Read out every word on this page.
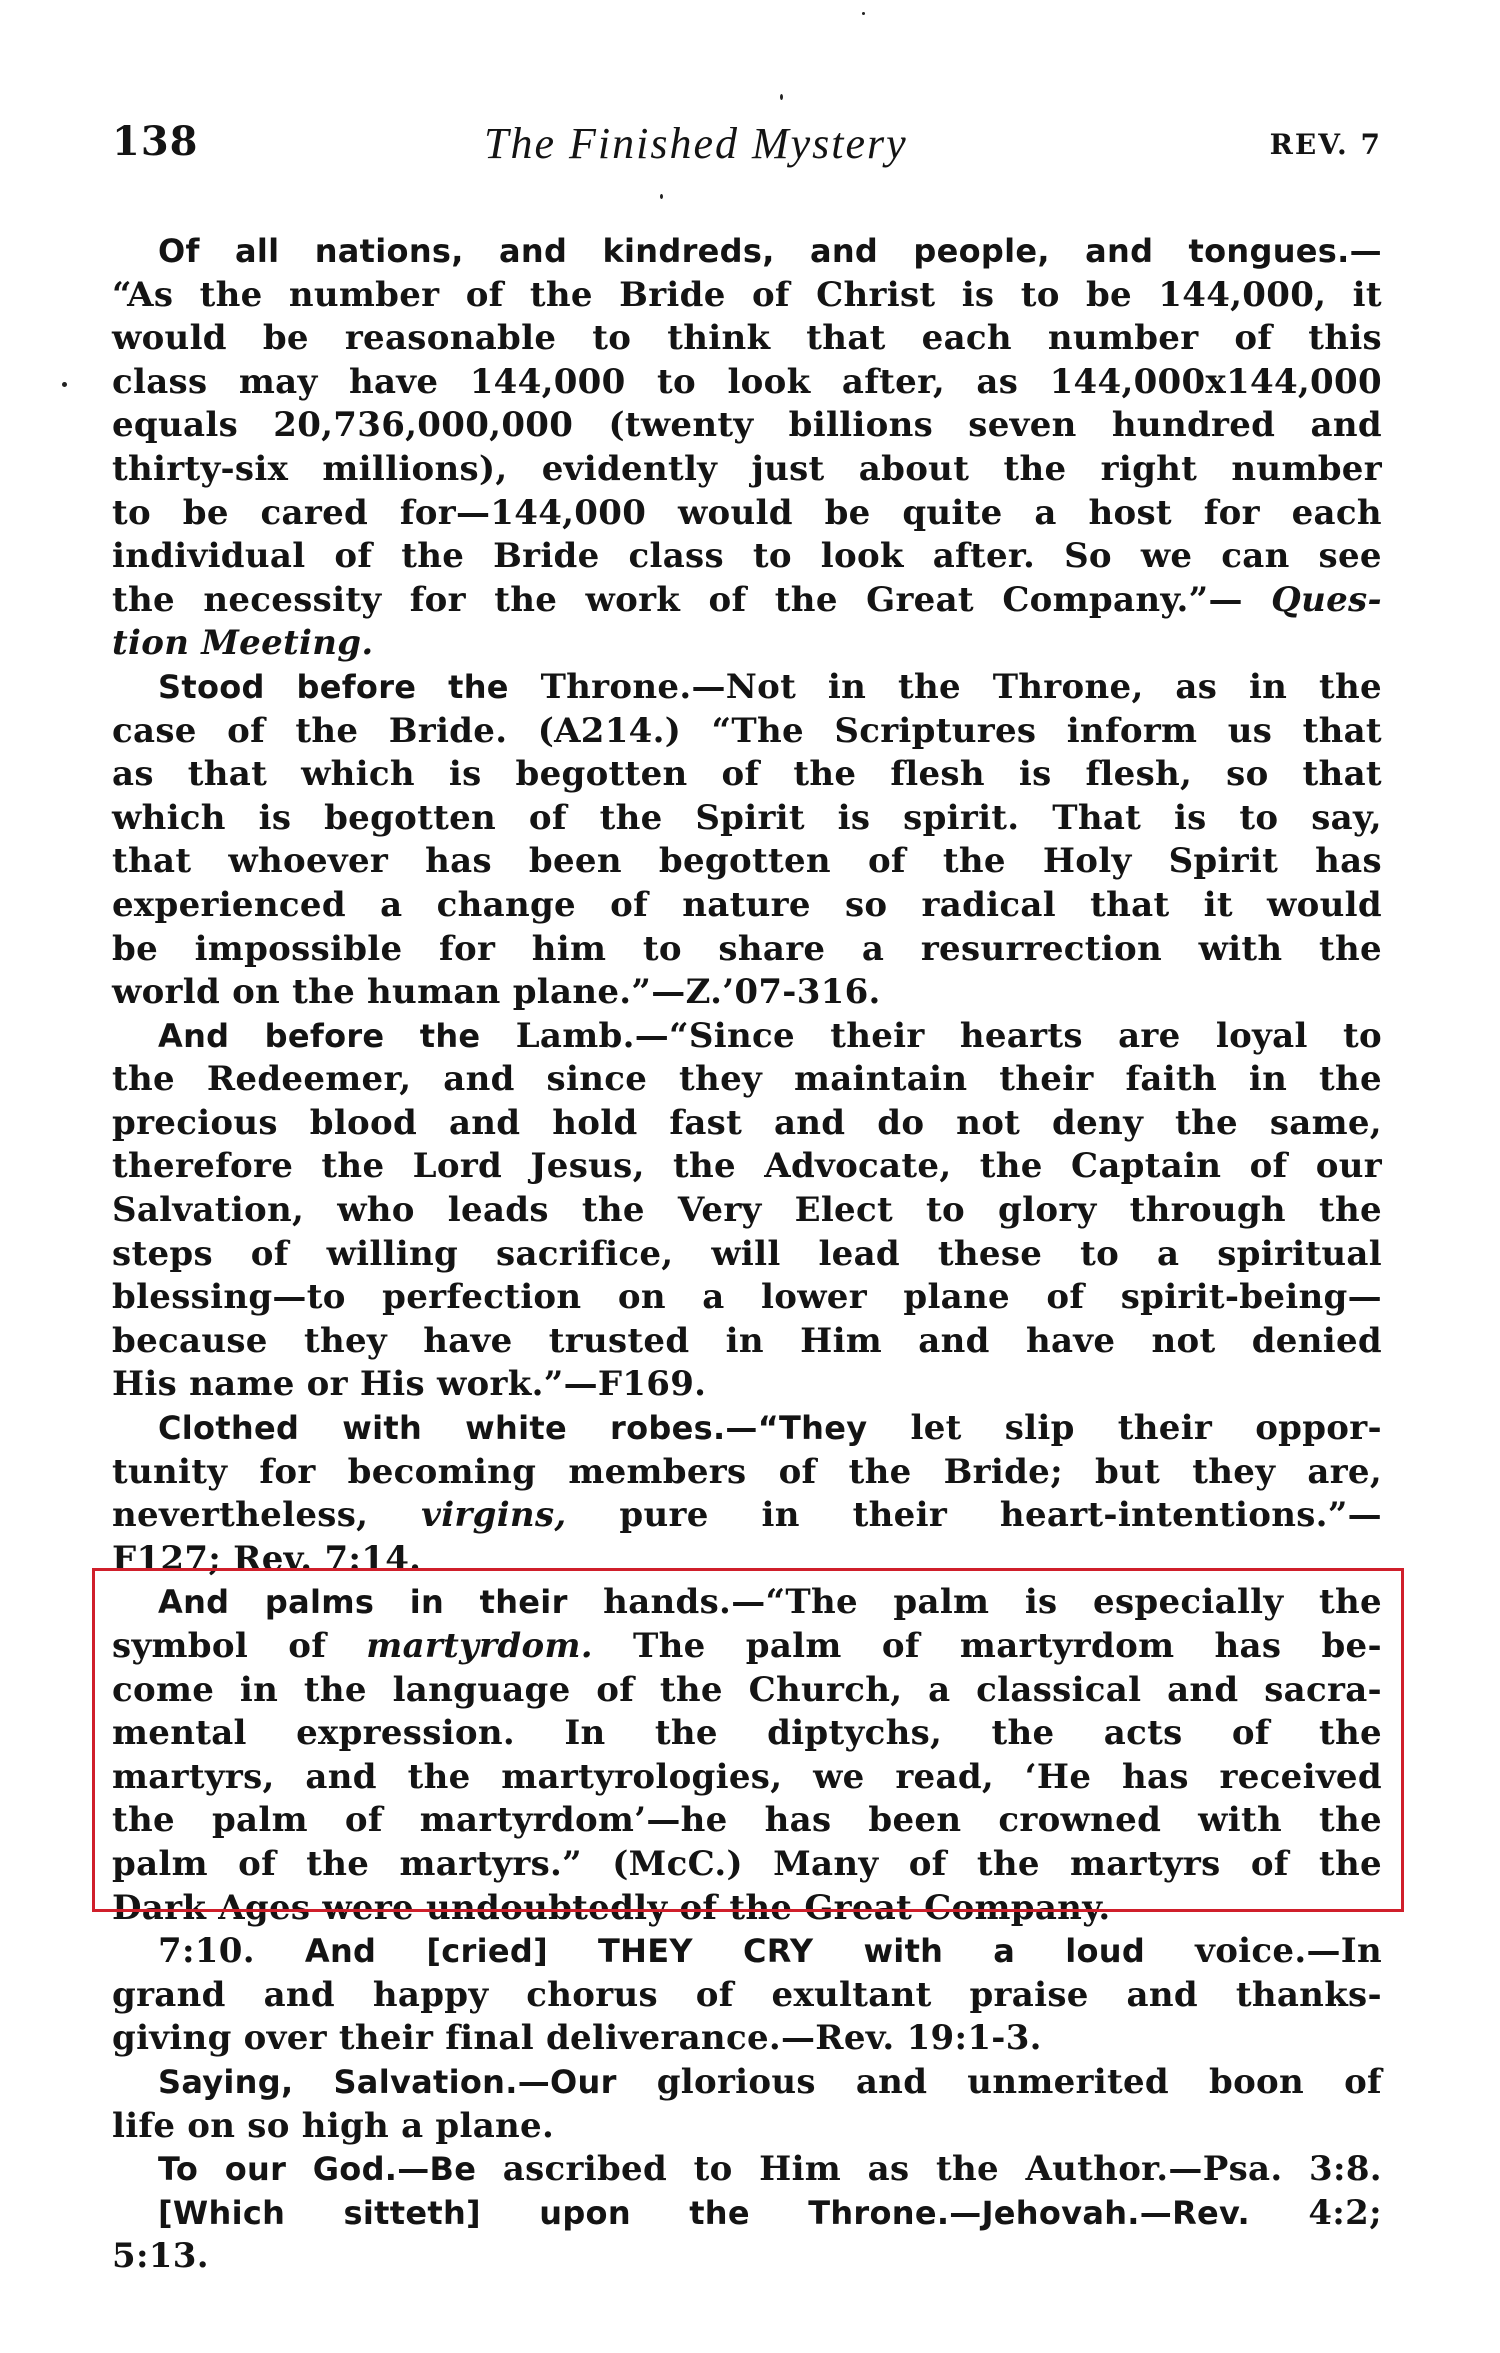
138	The Finished Mystery	REV. 7
Of all nations, and kindreds, and people, and tongues.—
“As the number of the Bride of Christ is to be 144,000, it
would be reasonable to think that each number of this
class may have 144,000 to look after, as 144,000x144,000
equals 20,736,000,000 (twenty billions seven hundred and
thirty-six millions), evidently just about the right number
to be cared for—144,000 would be quite a host for each
individual of the Bride class to look after. So we can see
the necessity for the work of the Great Company.”— Ques-
tion Meeting.
Stood before the Throne.—Not in the Throne, as in the
case of the Bride. (A214.) “The Scriptures inform us that
as that which is begotten of the flesh is flesh, so that
which is begotten of the Spirit is spirit. That is to say,
that whoever has been begotten of the Holy Spirit has
experienced a change of nature so radical that it would
be impossible for him to share a resurrection with the
world on the human plane.”—Z.’07-316.
And before the Lamb.—“Since their hearts are loyal to
the Redeemer, and since they maintain their faith in the
precious blood and hold fast and do not deny the same,
therefore the Lord Jesus, the Advocate, the Captain of our
Salvation, who leads the Very Elect to glory through the
steps of willing sacrifice, will lead these to a spiritual
blessing—to perfection on a lower plane of spirit-being—
because they have trusted in Him and have not denied
His name or His work.”—F169.
Clothed with white robes.—“They let slip their oppor-
tunity for becoming members of the Bride; but they are,
nevertheless, virgins, pure in their heart-intentions.”—
F127; Rev. 7:14.
And palms in their hands.—“The palm is especially the
symbol of martyrdom. The palm of martyrdom has be-
come in the language of the Church, a classical and sacra-
mental expression. In the diptychs, the acts of the
martyrs, and the martyrologies, we read, ‘He has received
the palm of martyrdom’—he has been crowned with the
palm of the martyrs.” (McC.) Many of the martyrs of the
Dark Ages were undoubtedly of the Great Company.
7:10. And [cried] THEY CRY with a loud voice.—In
grand and happy chorus of exultant praise and thanks-
giving over their final deliverance.—Rev. 19:1-3.
Saying, Salvation.—Our glorious and unmerited boon of
life on so high a plane.
To our God.—Be ascribed to Him as the Author.—Psa. 3:8.
[Which sitteth] upon the Throne.—Jehovah.—Rev. 4:2;
5:13.
